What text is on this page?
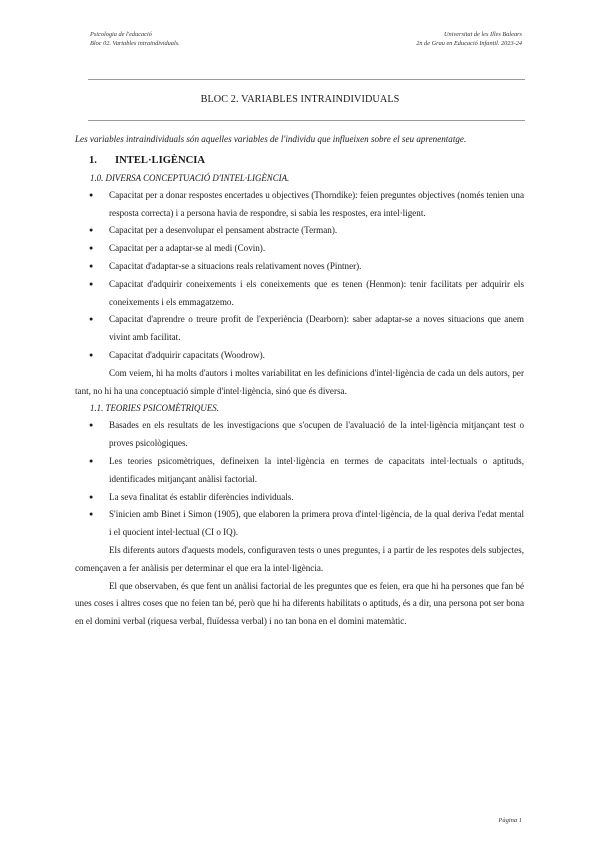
Psicologia de l'educació
Bloc 02. Variables intraindividuals.
Universitat de les Illes Balears
2n de Grau en Educació Infantil. 2023-24
BLOC 2. VARIABLES INTRAINDIVIDUALS

Les variables intraindividuals són aquelles variables de l'individu que influeixen sobre el seu aprenentatge.

1. INTEL·LIGÈNCIA
1.0. DIVERSA CONCEPTUACIÓ D'INTEL·LIGÈNCIA.
● Capacitat per a donar respostes encertades u objectives (Thorndike): feien preguntes objectives (només tenien una resposta correcta) i a persona havia de respondre, si sabia les respostes, era intel·ligent.
● Capacitat per a desenvolupar el pensament abstracte (Terman).
● Capacitat per a adaptar-se al medi (Covin).
● Capacitat d'adaptar-se a situacions reals relativament noves (Pintner).
● Capacitat d'adquirir coneixements i els coneixements que es tenen (Henmon): tenir facilitats per adquirir els coneixements i els emmagatzemo.
● Capacitat d'aprendre o treure profit de l'experiència (Dearborn): saber adaptar-se a noves situacions que anem vivint amb facilitat.
● Capacitat d'adquirir capacitats (Woodrow).

Com veiem, hi ha molts d'autors i moltes variabilitat en les definicions d'intel·ligència de cada un dels autors, per tant, no hi ha una conceptuació simple d'intel·ligència, sinó que és diversa.

1.1. TEORIES PSICOMÈTRIQUES.
● Basades en els resultats de les investigacions que s'ocupen de l'avaluació de la intel·ligència mitjançant test o proves psicològiques.
● Les teories psicomètriques, defineixen la intel·ligència en termes de capacitats intel·lectuals o aptituds, identificades mitjançant anàlisi factorial.
● La seva finalitat és establir diferències individuals.
● S'inicien amb Binet i Simon (1905), que elaboren la primera prova d'intel·ligència, de la qual deriva l'edat mental i el quocient intel·lectual (CI o IQ).

Els diferents autors d'aquests models, configuraven tests o unes preguntes, i a partir de les respotes dels subjectes, començaven a fer anàlisis per determinar el que era la intel·ligència.

El que observaben, és que fent un anàlisi factorial de les preguntes que es feien, era que hi ha persones que fan bé unes coses i altres coses que no feien tan bé, però que hi ha diferents habilitats o aptituds, és a dir, una persona pot ser bona en el domini verbal (riquesa verbal, fluïdessa verbal) i no tan bona en el domini matemàtic.

Pàgina 1
